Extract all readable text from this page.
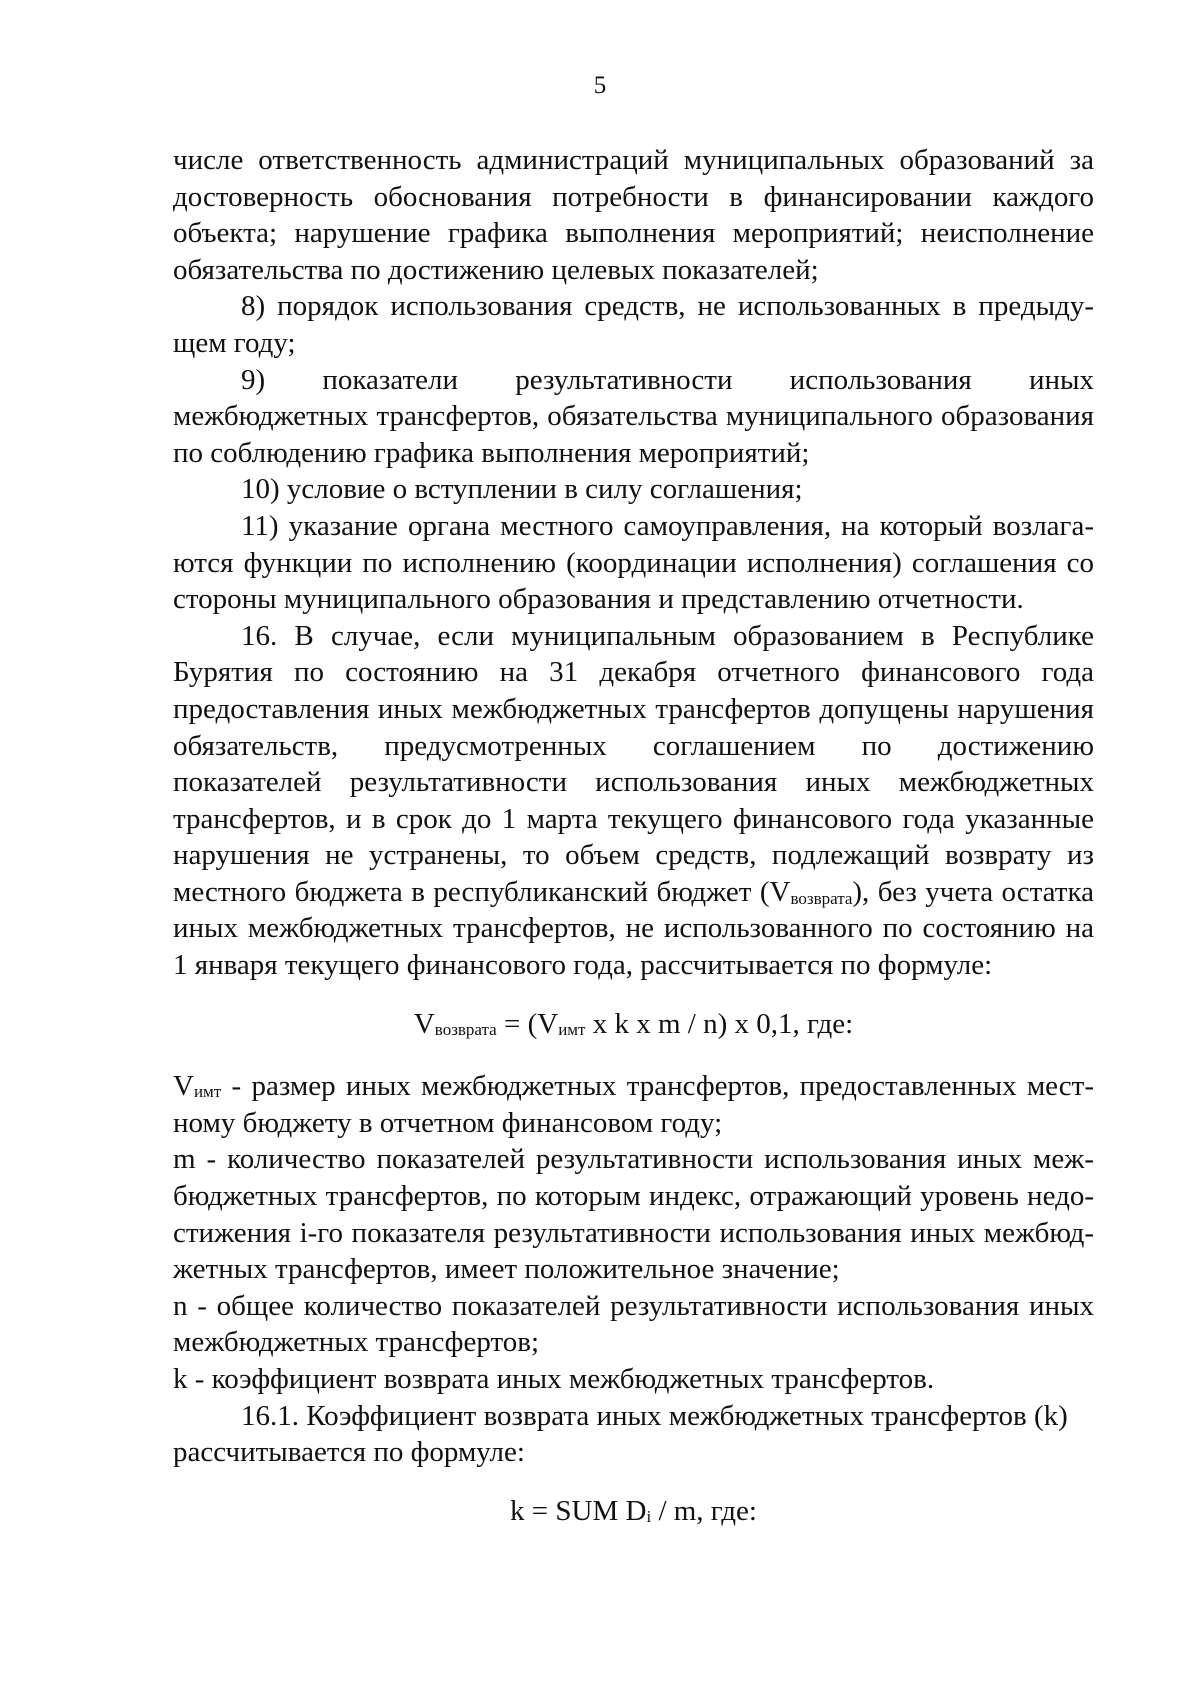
5

числе ответственность администраций муниципальных образований за достоверность обоснования потребности в финансировании каждого объекта; нарушение графика выполнения мероприятий; неисполнение обязательства по достижению целевых показателей;

8) порядок использования средств, не использованных в предыдущем году;

9) показатели результативности использования иных межбюджетных трансфертов, обязательства муниципального образования по соблюдению графика выполнения мероприятий;

10) условие о вступлении в силу соглашения;

11) указание органа местного самоуправления, на который возлагаются функции по исполнению (координации исполнения) соглашения со стороны муниципального образования и представлению отчетности.

16. В случае, если муниципальным образованием в Республике Бурятия по состоянию на 31 декабря отчетного финансового года предоставления иных межбюджетных трансфертов допущены нарушения обязательств, предусмотренных соглашением по достижению показателей результативности использования иных межбюджетных трансфертов, и в срок до 1 марта текущего финансового года указанные нарушения не устранены, то объем средств, подлежащий возврату из местного бюджета в республиканский бюджет $(V_{возврата})$, без учета остатка иных межбюджетных трансфертов, не использованного по состоянию на 1 января текущего финансового года, рассчитывается по формуле:

$V_{возврата} = (V_{имт}$ x k x m / n) x 0,1, где:

$V_{имт}$ - размер иных межбюджетных трансфертов, предоставленных местному бюджету в отчетном финансовом году;

m - количество показателей результативности использования иных межбюджетных трансфертов, по которым индекс, отражающий уровень недостижения i-го показателя результативности использования иных межбюджетных трансфертов, имеет положительное значение;

n - общее количество показателей результативности использования иных межбюджетных трансфертов;

k - коэффициент возврата иных межбюджетных трансфертов.

16.1. Коэффициент возврата иных межбюджетных трансфертов (k)

рассчитывается по формуле:

k = SUM $D_i$ / m, где:
